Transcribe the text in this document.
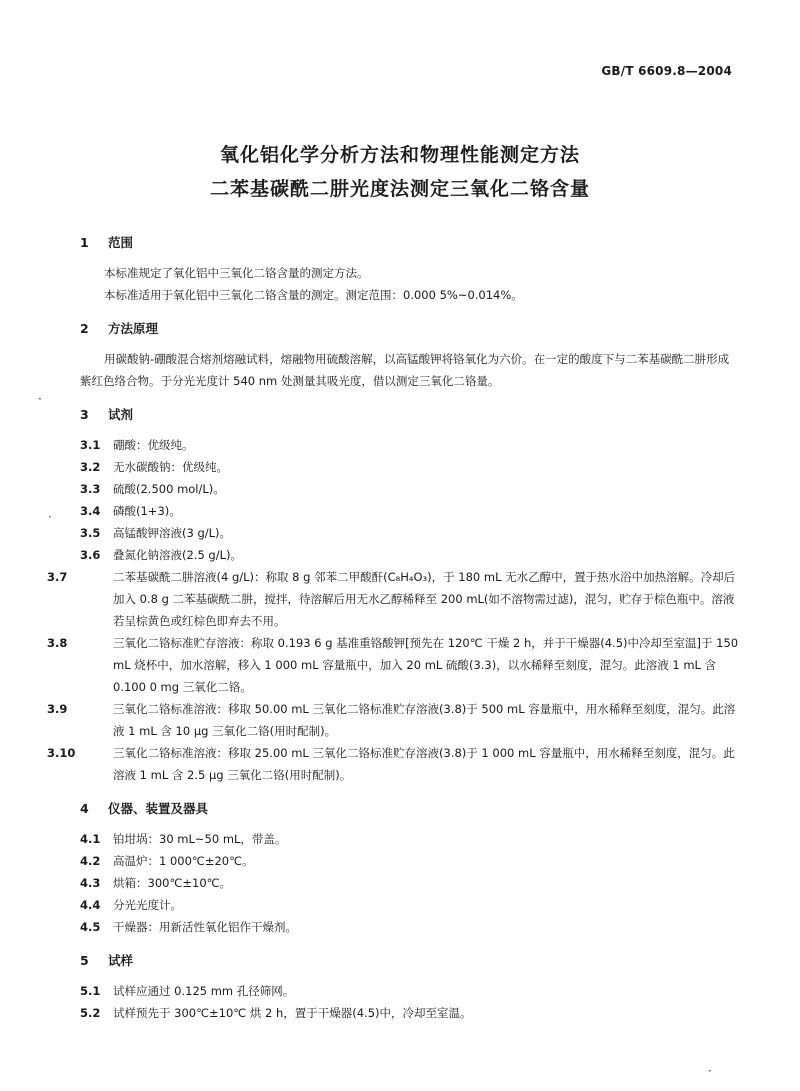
GB/T 6609.8—2004
氧化铝化学分析方法和物理性能测定方法
二苯基碳酰二肼光度法测定三氧化二铬含量
1 范围

本标准规定了氧化铝中三氧化二铬含量的测定方法。

本标准适用于氧化铝中三氧化二铬含量的测定。测定范围：0.000 5%~0.014%。

2 方法原理

用碳酸钠-硼酸混合熔剂熔融试料，熔融物用硫酸溶解，以高锰酸钾将铬氧化为六价。在一定的酸度下与二苯基碳酰二肼形成紫红色络合物。于分光光度计 540 nm 处测量其吸光度，借以测定三氧化二铬量。

3 试剂

3.1 硼酸：优级纯。

3.2 无水碳酸钠：优级纯。

3.3 硫酸(2.500 mol/L)。

3.4 磷酸(1+3)。

3.5 高锰酸钾溶液(3 g/L)。

3.6 叠氮化钠溶液(2.5 g/L)。

3.7	二苯基碳酰二肼溶液(4 g/L)：称取 8 g 邻苯二甲酸酐(C₈H₄O₃)，于 180 mL 无水乙醇中，置于热水浴中加热溶解。冷却后加入 0.8 g 二苯基碳酰二肼，搅拌，待溶解后用无水乙醇稀释至 200 mL(如不溶物需过滤)，混匀，贮存于棕色瓶中。溶液若呈棕黄色或红棕色即弃去不用。

3.8	三氧化二铬标准贮存溶液：称取 0.193 6 g 基准重铬酸钾[预先在 120℃ 干燥 2 h，并于干燥器(4.5)中冷却至室温]于 150 mL 烧杯中，加水溶解，移入 1 000 mL 容量瓶中，加入 20 mL 硫酸(3.3)，以水稀释至刻度，混匀。此溶液 1 mL 含 0.100 0 mg 三氧化二铬。

3.9	三氧化二铬标准溶液：移取 50.00 mL 三氧化二铬标准贮存溶液(3.8)于 500 mL 容量瓶中，用水稀释至刻度，混匀。此溶液 1 mL 含 10 μg 三氧化二铬(用时配制)。

3.10	三氧化二铬标准溶液：移取 25.00 mL 三氧化二铬标准贮存溶液(3.8)于 1 000 mL 容量瓶中，用水稀释至刻度，混匀。此溶液 1 mL 含 2.5 μg 三氧化二铬(用时配制)。

4 仪器、装置及器具

4.1 铂坩埚：30 mL~50 mL，带盖。

4.2 高温炉：1 000℃±20℃。

4.3 烘箱：300℃±10℃。

4.4 分光光度计。

4.5 干燥器：用新活性氧化铝作干燥剂。

5 试样

5.1 试样应通过 0.125 mm 孔径筛网。

5.2 试样预先于 300℃±10℃ 烘 2 h，置于干燥器(4.5)中，冷却至室温。

·
·
·
